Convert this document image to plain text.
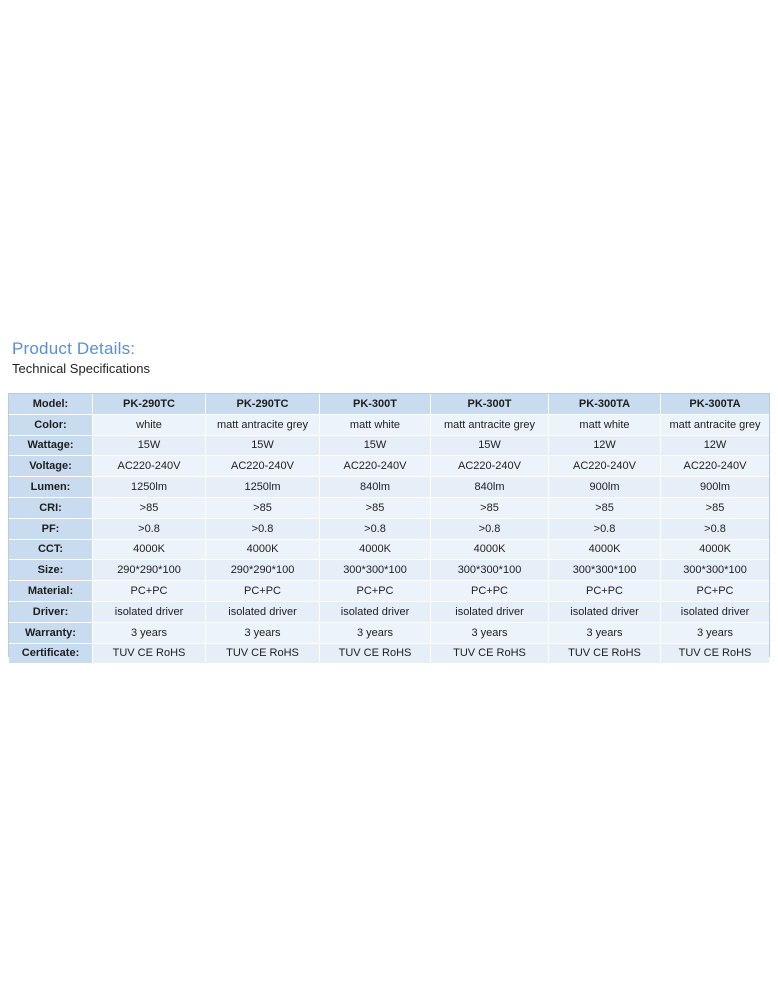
Product Details:
Technical Specifications
Model:	PK-290TC	PK-290TC	PK-300T	PK-300T	PK-300TA	PK-300TA
Color:	white	matt antracite grey	matt white	matt antracite grey	matt white	matt antracite grey
Wattage:	15W	15W	15W	15W	12W	12W
Voltage:	AC220-240V	AC220-240V	AC220-240V	AC220-240V	AC220-240V	AC220-240V
Lumen:	1250lm	1250lm	840lm	840lm	900lm	900lm
CRI:	>85	>85	>85	>85	>85	>85
PF:	>0.8	>0.8	>0.8	>0.8	>0.8	>0.8
CCT:	4000K	4000K	4000K	4000K	4000K	4000K
Size:	290*290*100	290*290*100	300*300*100	300*300*100	300*300*100	300*300*100
Material:	PC+PC	PC+PC	PC+PC	PC+PC	PC+PC	PC+PC
Driver:	isolated driver	isolated driver	isolated driver	isolated driver	isolated driver	isolated driver
Warranty:	3 years	3 years	3 years	3 years	3 years	3 years
Certificate:	TUV CE RoHS	TUV CE RoHS	TUV CE RoHS	TUV CE RoHS	TUV CE RoHS	TUV CE RoHS
